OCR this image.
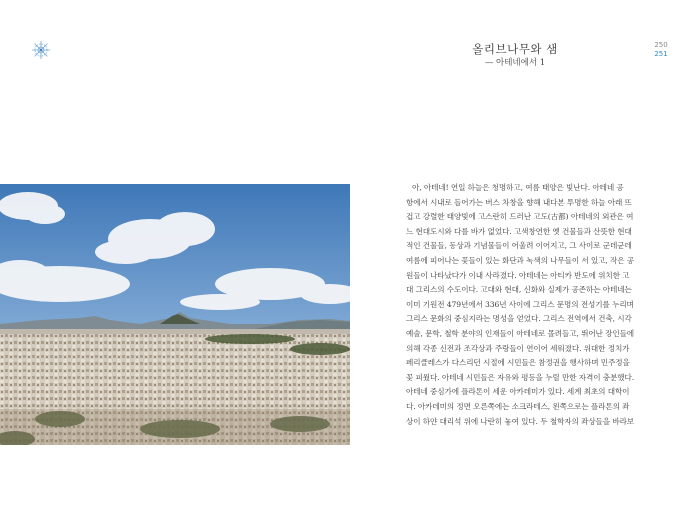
올리브나무와 샘
— 아테네에서 1
250
251
아, 아테네! 연일 하늘은 청명하고, 여름 태양은 빛난다. 아테네 공
항에서 시내로 들어가는 버스 차창을 향해 내다본 투명한 하늘 아래 뜨
겁고 강렬한 태양빛에 고스란히 드러난 고도(古都) 아테네의 외관은 여
느 현대도시와 다를 바가 없었다. 고색창연한 옛 건물들과 산뜻한 현대
적인 건물들, 동상과 기념물들이 어울려 이어지고, 그 사이로 군데군데
여름에 피어나는 꽃들이 있는 화단과 녹색의 나무들이 서 있고, 작은 공
원들이 나타났다가 이내 사라졌다. 아테네는 아티카 반도에 위치한 고
대 그리스의 수도이다. 고대와 현대, 신화와 실제가 공존하는 아테네는
이미 기원전 479년에서 336년 사이에 그리스 문명의 전성기를 누리며
그리스 문화의 중심지라는 명성을 얻었다. 그리스 전역에서 건축, 시각
예술, 문학, 철학 분야의 인재들이 아테네로 몰려들고, 뛰어난 장인들에
의해 각종 신전과 조각상과 주랑들이 연이어 세워졌다. 위대한 정치가
페리클레스가 다스리던 시절에 시민들은 참정권을 행사하며 민주정을
꽃 피웠다. 아테네 시민들은 자유와 평등을 누릴 만한 자격이 충분했다.
아테네 중심가에 플라톤이 세운 아카데미가 있다. 세계 최초의 대학이
다. 아카데미의 정면 오른쪽에는 소크라테스, 왼쪽으로는 플라톤의 좌
상이 하얀 대리석 위에 나란히 놓여 있다. 두 철학자의 좌상들을 바라보
